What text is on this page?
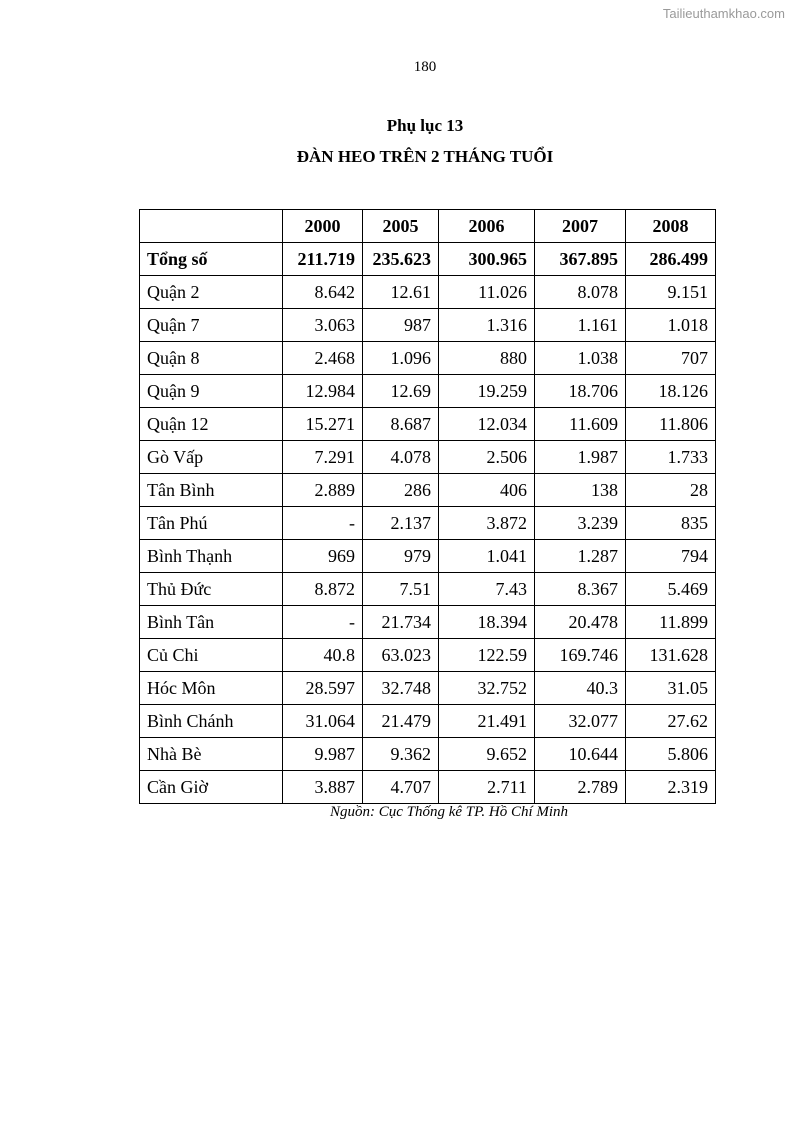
Tailieuthamkhao.com
180
Phụ lục 13
ĐÀN HEO TRÊN 2 THÁNG TUỔI
	2000	2005	2006	2007	2008
Tổng số	211.719	235.623	300.965	367.895	286.499
Quận 2	8.642	12.61	11.026	8.078	9.151
Quận 7	3.063	987	1.316	1.161	1.018
Quận 8	2.468	1.096	880	1.038	707
Quận 9	12.984	12.69	19.259	18.706	18.126
Quận 12	15.271	8.687	12.034	11.609	11.806
Gò Vấp	7.291	4.078	2.506	1.987	1.733
Tân Bình	2.889	286	406	138	28
Tân Phú	-	2.137	3.872	3.239	835
Bình Thạnh	969	979	1.041	1.287	794
Thủ Đức	8.872	7.51	7.43	8.367	5.469
Bình Tân	-	21.734	18.394	20.478	11.899
Củ Chi	40.8	63.023	122.59	169.746	131.628
Hóc Môn	28.597	32.748	32.752	40.3	31.05
Bình Chánh	31.064	21.479	21.491	32.077	27.62
Nhà Bè	9.987	9.362	9.652	10.644	5.806
Cần Giờ	3.887	4.707	2.711	2.789	2.319
Nguồn: Cục Thống kê TP. Hồ Chí Minh
